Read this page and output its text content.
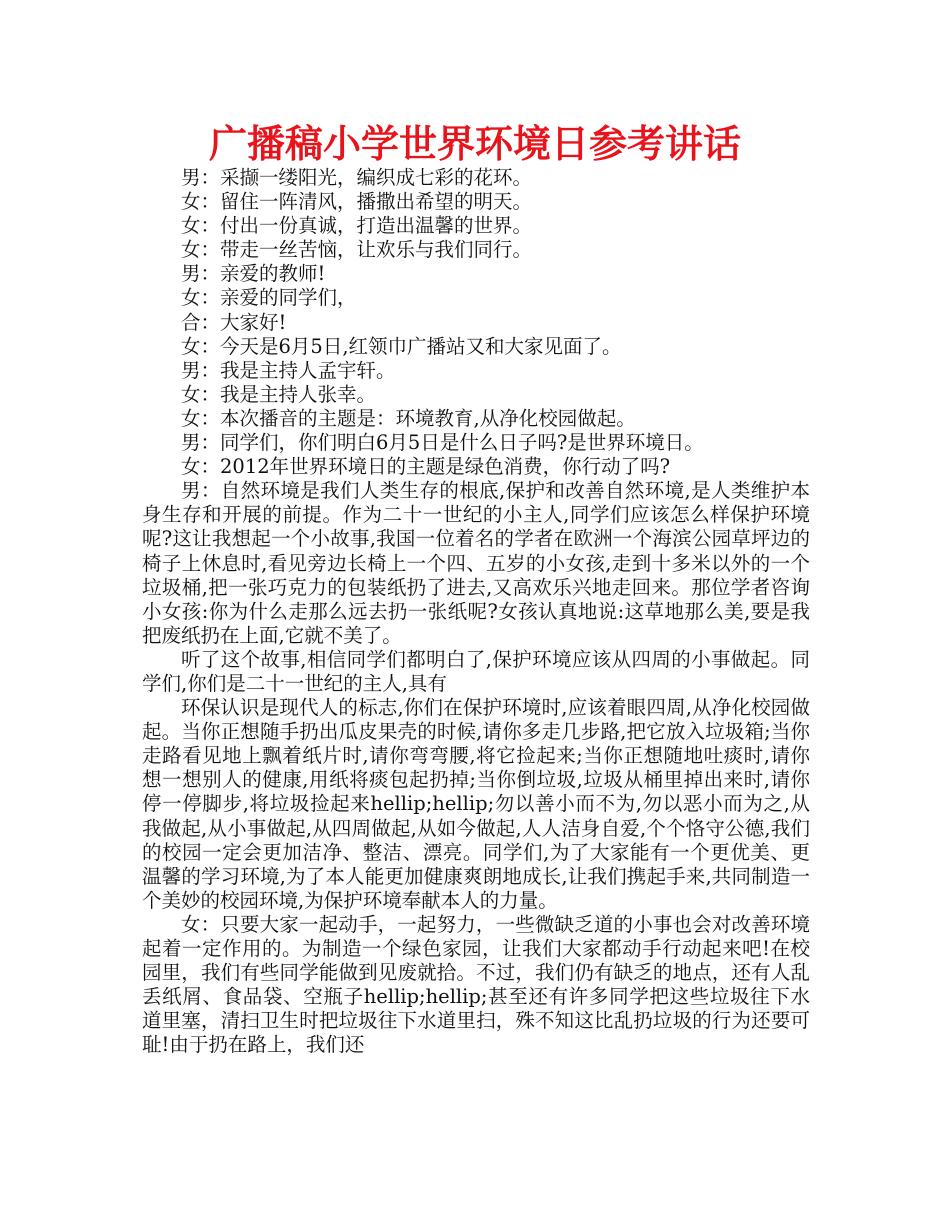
广播稿小学世界环境日参考讲话

男：采撷一缕阳光，编织成七彩的花环。

女：留住一阵清风，播撒出希望的明天。

女：付出一份真诚，打造出温馨的世界。

女：带走一丝苦恼，让欢乐与我们同行。

男：亲爱的教师!

女：亲爱的同学们，

合：大家好!

女：今天是6月5日,红领巾广播站又和大家见面了。

男：我是主持人孟宇轩。

女：我是主持人张幸。

女：本次播音的主题是：环境教育,从净化校园做起。

男：同学们，你们明白6月5日是什么日子吗?是世界环境日。

女：2012年世界环境日的主题是绿色消费，你行动了吗?

男：自然环境是我们人类生存的根底,保护和改善自然环境,是人类维护本身生存和开展的前提。作为二十一世纪的小主人,同学们应该怎么样保护环境呢?这让我想起一个小故事,我国一位着名的学者在欧洲一个海滨公园草坪边的椅子上休息时,看见旁边长椅上一个四、五岁的小女孩,走到十多米以外的一个垃圾桶,把一张巧克力的包装纸扔了进去,又高欢乐兴地走回来。那位学者咨询小女孩:你为什么走那么远去扔一张纸呢?女孩认真地说:这草地那么美,要是我把废纸扔在上面,它就不美了。

听了这个故事,相信同学们都明白了,保护环境应该从四周的小事做起。同学们,你们是二十一世纪的主人,具有

环保认识是现代人的标志,你们在保护环境时,应该着眼四周,从净化校园做起。当你正想随手扔出瓜皮果壳的时候,请你多走几步路,把它放入垃圾箱;当你走路看见地上飘着纸片时,请你弯弯腰,将它捡起来;当你正想随地吐痰时,请你想一想别人的健康,用纸将痰包起扔掉;当你倒垃圾,垃圾从桶里掉出来时,请你停一停脚步,将垃圾捡起来hellip;hellip;勿以善小而不为,勿以恶小而为之,从我做起,从小事做起,从四周做起,从如今做起,人人洁身自爱,个个恪守公德,我们的校园一定会更加洁净、整洁、漂亮。同学们,为了大家能有一个更优美、更温馨的学习环境,为了本人能更加健康爽朗地成长,让我们携起手来,共同制造一个美妙的校园环境,为保护环境奉献本人的力量。

女：只要大家一起动手，一起努力，一些微缺乏道的小事也会对改善环境起着一定作用的。为制造一个绿色家园，让我们大家都动手行动起来吧!在校园里，我们有些同学能做到见废就拾。不过，我们仍有缺乏的地点，还有人乱丢纸屑、食品袋、空瓶子hellip;hellip;甚至还有许多同学把这些垃圾往下水道里塞，清扫卫生时把垃圾往下水道里扫，殊不知这比乱扔垃圾的行为还要可耻!由于扔在路上，我们还
